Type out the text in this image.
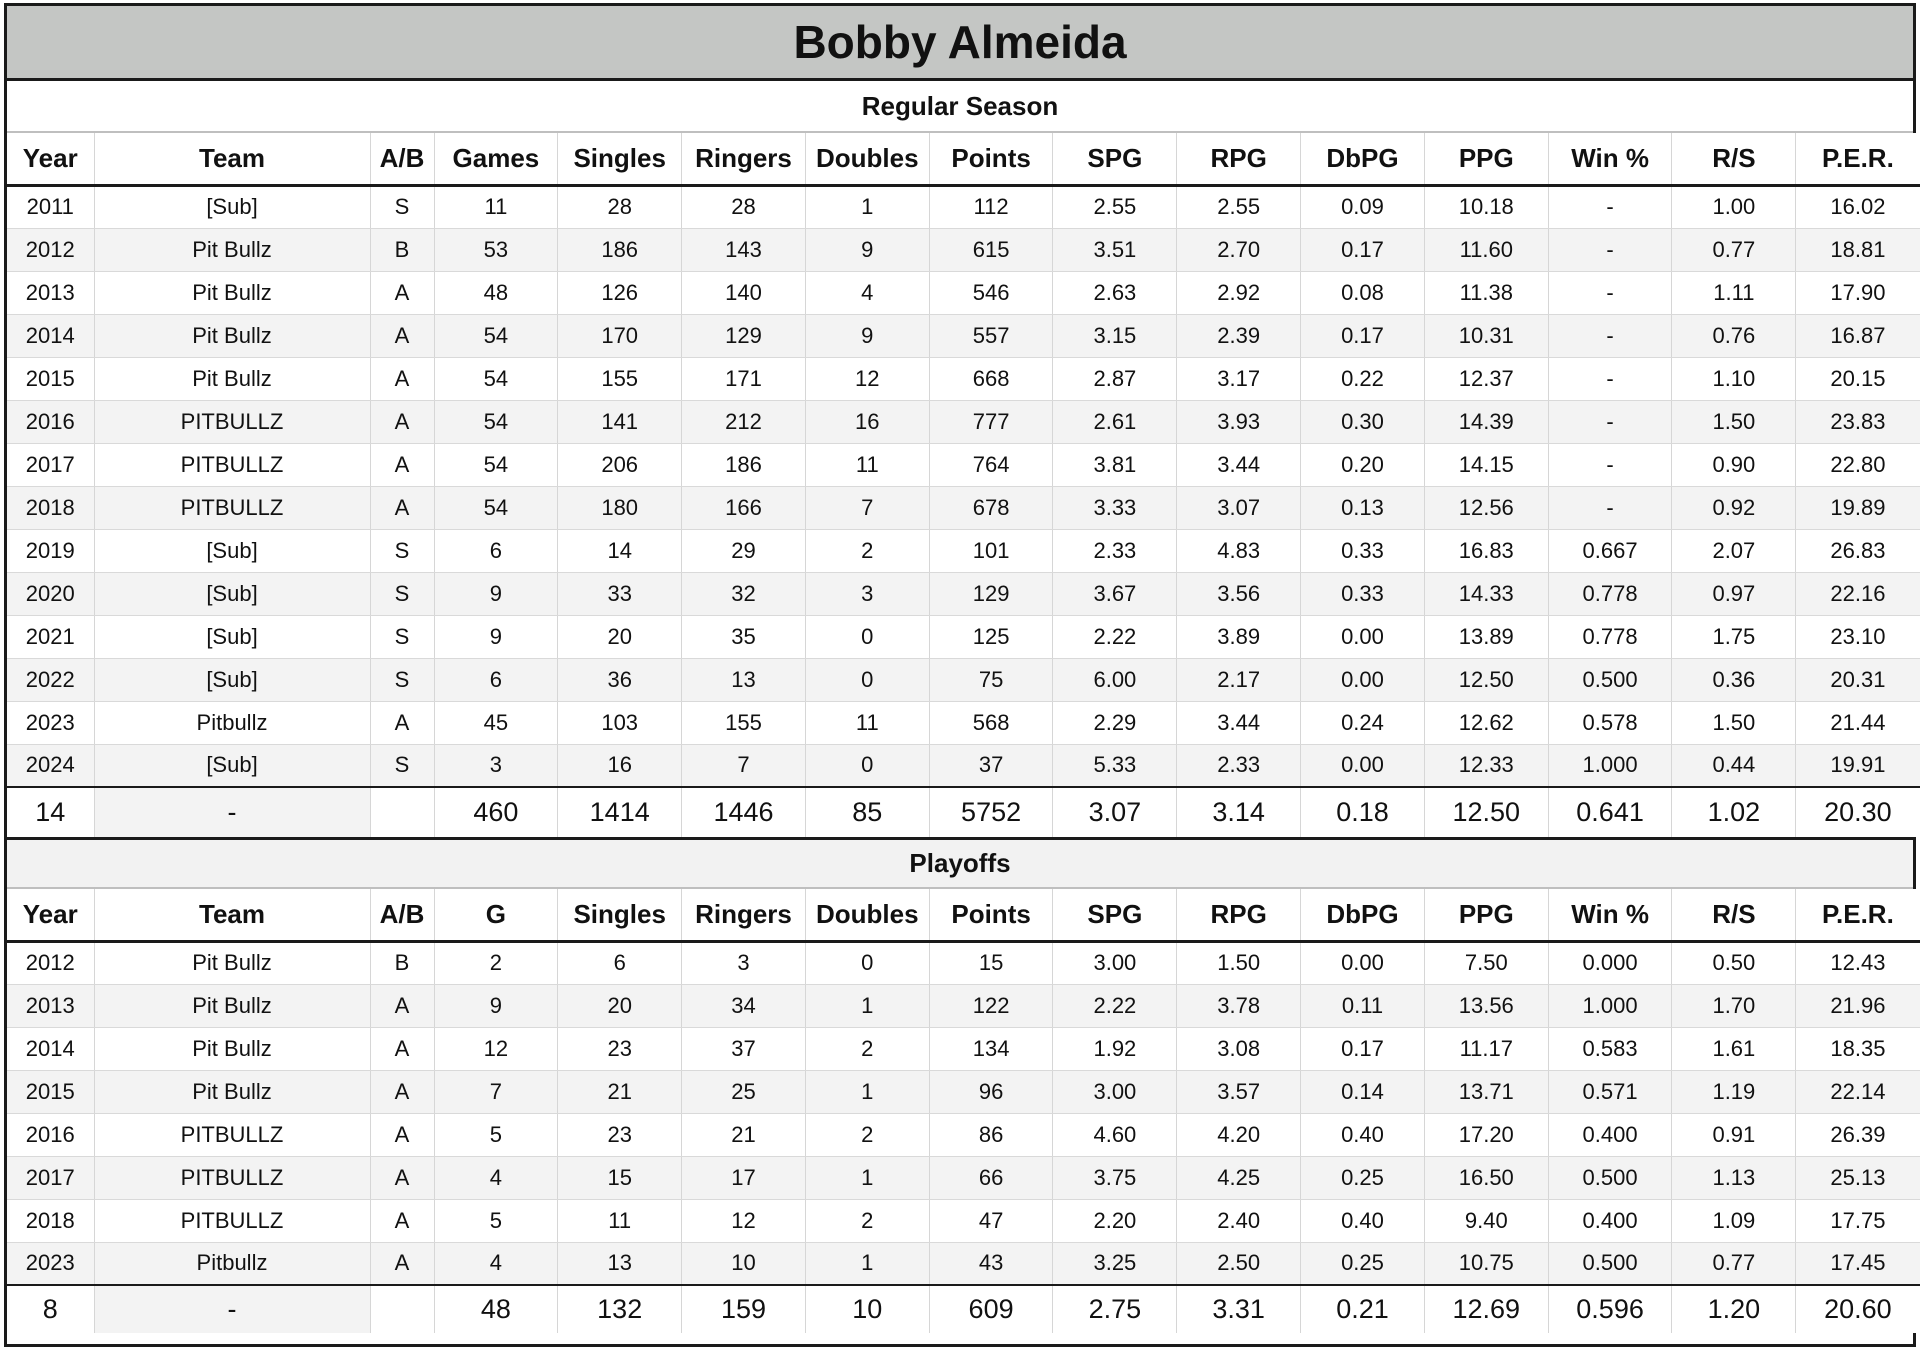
Bobby Almeida
Regular Season
Year	Team	A/B	Games	Singles	Ringers	Doubles	Points	SPG	RPG	DbPG	PPG	Win %	R/S	P.E.R.
2011	[Sub]	S	11	28	28	1	112	2.55	2.55	0.09	10.18	-	1.00	16.02
2012	Pit Bullz	B	53	186	143	9	615	3.51	2.70	0.17	11.60	-	0.77	18.81
2013	Pit Bullz	A	48	126	140	4	546	2.63	2.92	0.08	11.38	-	1.11	17.90
2014	Pit Bullz	A	54	170	129	9	557	3.15	2.39	0.17	10.31	-	0.76	16.87
2015	Pit Bullz	A	54	155	171	12	668	2.87	3.17	0.22	12.37	-	1.10	20.15
2016	PITBULLZ	A	54	141	212	16	777	2.61	3.93	0.30	14.39	-	1.50	23.83
2017	PITBULLZ	A	54	206	186	11	764	3.81	3.44	0.20	14.15	-	0.90	22.80
2018	PITBULLZ	A	54	180	166	7	678	3.33	3.07	0.13	12.56	-	0.92	19.89
2019	[Sub]	S	6	14	29	2	101	2.33	4.83	0.33	16.83	0.667	2.07	26.83
2020	[Sub]	S	9	33	32	3	129	3.67	3.56	0.33	14.33	0.778	0.97	22.16
2021	[Sub]	S	9	20	35	0	125	2.22	3.89	0.00	13.89	0.778	1.75	23.10
2022	[Sub]	S	6	36	13	0	75	6.00	2.17	0.00	12.50	0.500	0.36	20.31
2023	Pitbullz	A	45	103	155	11	568	2.29	3.44	0.24	12.62	0.578	1.50	21.44
2024	[Sub]	S	3	16	7	0	37	5.33	2.33	0.00	12.33	1.000	0.44	19.91
14	-		460	1414	1446	85	5752	3.07	3.14	0.18	12.50	0.641	1.02	20.30
Playoffs
Year	Team	A/B	G	Singles	Ringers	Doubles	Points	SPG	RPG	DbPG	PPG	Win %	R/S	P.E.R.
2012	Pit Bullz	B	2	6	3	0	15	3.00	1.50	0.00	7.50	0.000	0.50	12.43
2013	Pit Bullz	A	9	20	34	1	122	2.22	3.78	0.11	13.56	1.000	1.70	21.96
2014	Pit Bullz	A	12	23	37	2	134	1.92	3.08	0.17	11.17	0.583	1.61	18.35
2015	Pit Bullz	A	7	21	25	1	96	3.00	3.57	0.14	13.71	0.571	1.19	22.14
2016	PITBULLZ	A	5	23	21	2	86	4.60	4.20	0.40	17.20	0.400	0.91	26.39
2017	PITBULLZ	A	4	15	17	1	66	3.75	4.25	0.25	16.50	0.500	1.13	25.13
2018	PITBULLZ	A	5	11	12	2	47	2.20	2.40	0.40	9.40	0.400	1.09	17.75
2023	Pitbullz	A	4	13	10	1	43	3.25	2.50	0.25	10.75	0.500	0.77	17.45
8	-		48	132	159	10	609	2.75	3.31	0.21	12.69	0.596	1.20	20.60
